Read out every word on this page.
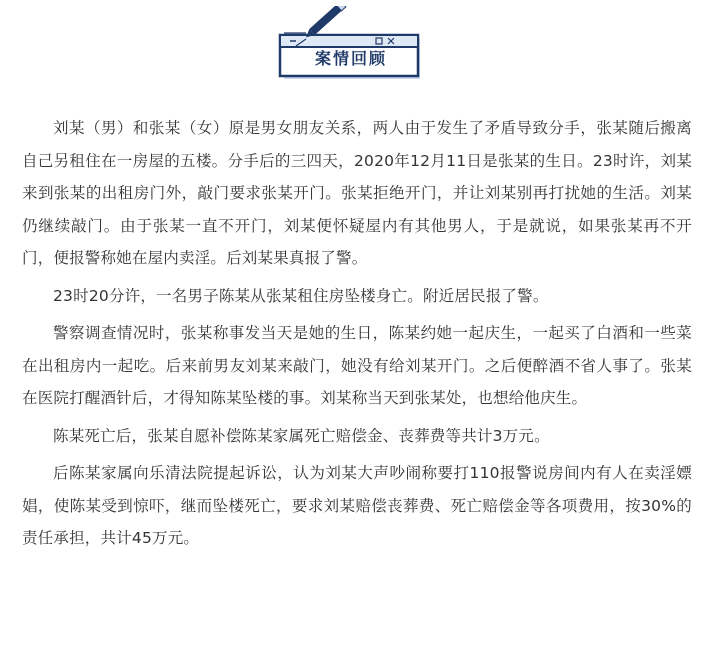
案情回顾

刘某（男）和张某（女）原是男女朋友关系，两人由于发生了矛盾导致分手，张某随后搬离自己另租住在一房屋的五楼。分手后的三四天，2020年12月11日是张某的生日。23时许，刘某来到张某的出租房门外，敲门要求张某开门。张某拒绝开门，并让刘某别再打扰她的生活。刘某仍继续敲门。由于张某一直不开门，刘某便怀疑屋内有其他男人，于是就说，如果张某再不开门，便报警称她在屋内卖淫。后刘某果真报了警。

23时20分许，一名男子陈某从张某租住房坠楼身亡。附近居民报了警。

警察调查情况时，张某称事发当天是她的生日，陈某约她一起庆生，一起买了白酒和一些菜在出租房内一起吃。后来前男友刘某来敲门，她没有给刘某开门。之后便醉酒不省人事了。张某在医院打醒酒针后，才得知陈某坠楼的事。刘某称当天到张某处，也想给他庆生。

陈某死亡后，张某自愿补偿陈某家属死亡赔偿金、丧葬费等共计3万元。

后陈某家属向乐清法院提起诉讼，认为刘某大声吵闹称要打110报警说房间内有人在卖淫嫖娼，使陈某受到惊吓，继而坠楼死亡，要求刘某赔偿丧葬费、死亡赔偿金等各项费用，按30%的责任承担，共计45万元。
